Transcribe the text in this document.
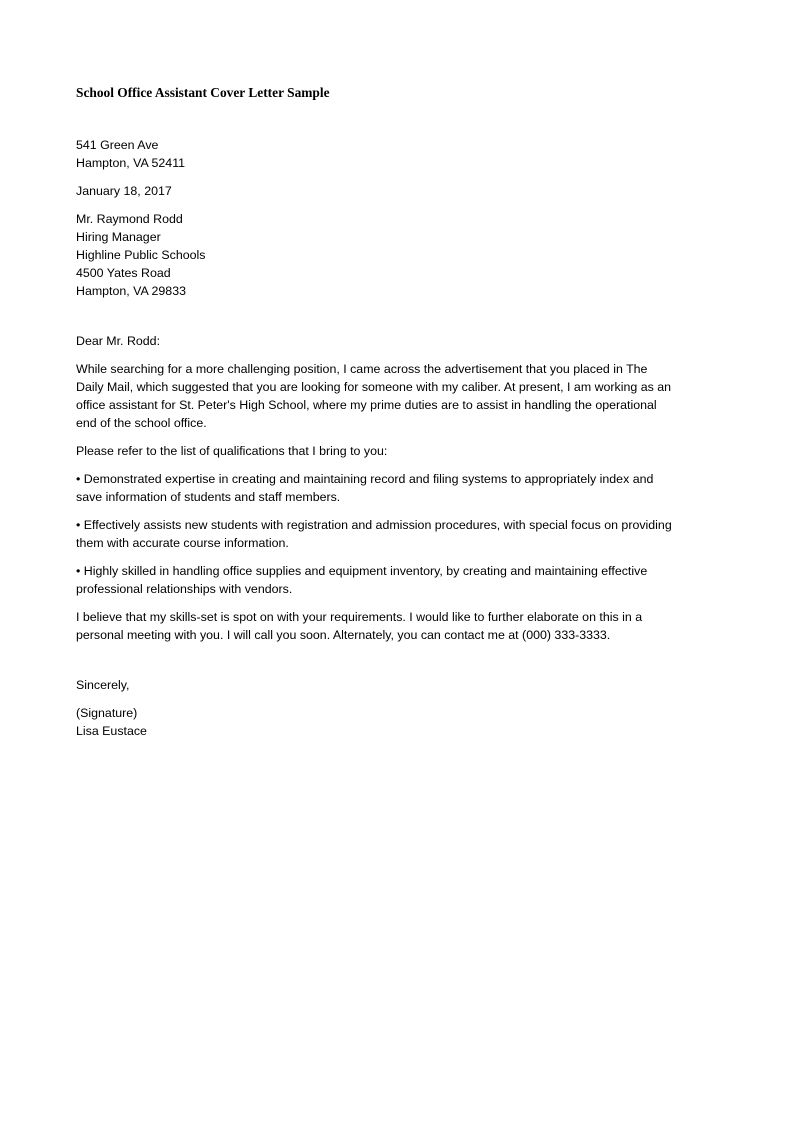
School Office Assistant Cover Letter Sample
541 Green Ave
Hampton, VA 52411
January 18, 2017
Mr. Raymond Rodd
Hiring Manager
Highline Public Schools
4500 Yates Road
Hampton, VA 29833
Dear Mr. Rodd:
While searching for a more challenging position, I came across the advertisement that you placed in The
Daily Mail, which suggested that you are looking for someone with my caliber. At present, I am working as an
office assistant for St. Peter's High School, where my prime duties are to assist in handling the operational
end of the school office.
Please refer to the list of qualifications that I bring to you:
• Demonstrated expertise in creating and maintaining record and filing systems to appropriately index and
save information of students and staff members.
• Effectively assists new students with registration and admission procedures, with special focus on providing
them with accurate course information.
• Highly skilled in handling office supplies and equipment inventory, by creating and maintaining effective
professional relationships with vendors.
I believe that my skills-set is spot on with your requirements. I would like to further elaborate on this in a
personal meeting with you. I will call you soon. Alternately, you can contact me at (000) 333-3333.
Sincerely,
(Signature)
Lisa Eustace
